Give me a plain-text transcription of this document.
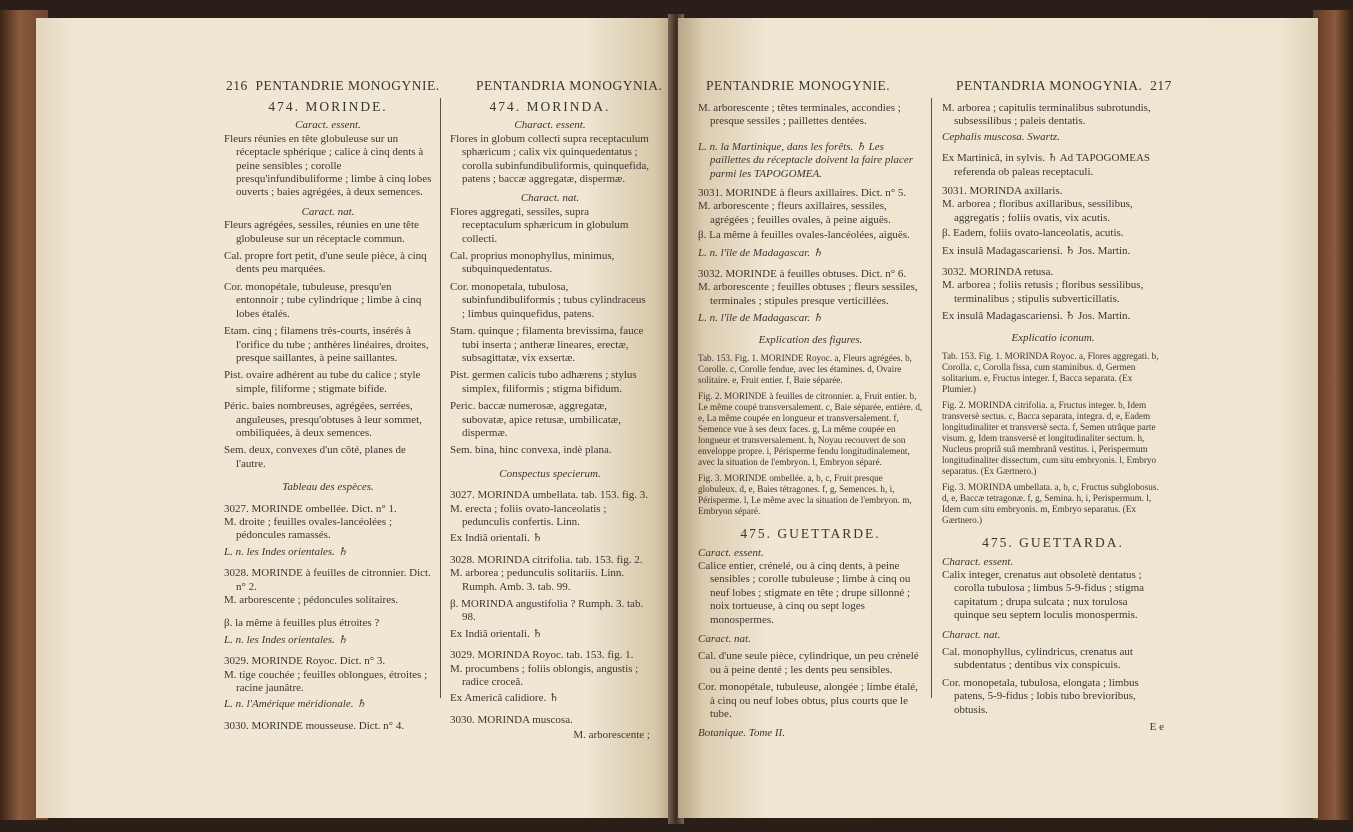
216 PENTANDRIE MONOGYNIE.	PENTANDRIA MONOGYNIA.

474. MORINDE.

Caract. essent.

Fleurs réunies en tête globuleuse sur un réceptacle sphérique ; calice à cinq dents à peine sensibles ; corolle presqu'infundibuliforme ; limbe à cinq lobes ouverts ; baies agrégées, à deux semences.

Caract. nat.

Fleurs agrégées, sessiles, réunies en une tête globuleuse sur un réceptacle commun.

Cal. propre fort petit, d'une seule pièce, à cinq dents peu marquées.

Cor. monopétale, tubuleuse, presqu'en entonnoir ; tube cylindrique ; limbe à cinq lobes étalés.

Etam. cinq ; filamens très-courts, insérés à l'orifice du tube ; anthères linéaires, droites, presque saillantes, à peine saillantes.

Pist. ovaire adhérent au tube du calice ; style simple, filiforme ; stigmate bifide.

Péric. baies nombreuses, agrégées, serrées, anguleuses, presqu'obtuses à leur sommet, ombiliquées, à deux semences.

Sem. deux, convexes d'un côté, planes de l'autre.

Tableau des espèces.

3027. MORINDE ombellée. Dict. n° 1.

M. droite ; feuilles ovales-lancéolées ; pédoncules ramassés.

L. n. les Indes orientales. ♄

3028. MORINDE à feuilles de citronnier. Dict. n° 2.

M. arborescente ; pédoncules solitaires.

β. la même à feuilles plus étroites ?

L. n. les Indes orientales. ♄

3029. MORINDE Royoc. Dict. n° 3.

M. tige couchée ; feuilles oblongues, étroites ; racine jaunâtre.

L. n. l'Amérique méridionale. ♄

3030. MORINDE mousseuse. Dict. n° 4.

474. MORINDA.

Charact. essent.

Flores in globum collecti supra receptaculum sphæricum ; calix vix quinquedentatus ; corolla subinfundibuliformis, quinquefida, patens ; baccæ aggregatæ, dispermæ.

Charact. nat.

Flores aggregati, sessiles, supra receptaculum sphæricum in globulum collecti.

Cal. proprius monophyllus, minimus, subquinquedentatus.

Cor. monopetala, tubulosa, subinfundibuliformis ; tubus cylindraceus ; limbus quinquefidus, patens.

Stam. quinque ; filamenta brevissima, fauce tubi inserta ; antheræ lineares, erectæ, subsagittatæ, vix exsertæ.

Pist. germen calicis tubo adhærens ; stylus simplex, filiformis ; stigma bifidum.

Peric. baccæ numerosæ, aggregatæ, subovatæ, apice retusæ, umbilicatæ, dispermæ.

Sem. bina, hinc convexa, indè plana.

Conspectus specierum.

3027. MORINDA umbellata. tab. 153. fig. 3.

M. erecta ; foliis ovato-lanceolatis ; pedunculis confertis. Linn.

Ex Indiâ orientali. ♄

3028. MORINDA citrifolia. tab. 153. fig. 2.

M. arborea ; pedunculis solitariis. Linn. Rumph. Amb. 3. tab. 99.

β. MORINDA angustifolia ? Rumph. 3. tab. 98.

Ex Indiâ orientali. ♄

3029. MORINDA Royoc. tab. 153. fig. 1.

M. procumbens ; foliis oblongis, angustis ; radice croceâ.

Ex Americâ calidiore. ♄

3030. MORINDA muscosa.

M. arborescente ;

PENTANDRIE MONOGYNIE.	PENTANDRIA MONOGYNIA. 217

M. arborescente ; têtes terminales, accondies ; presque sessiles ; paillettes dentées.

L. n. la Martinique, dans les forêts. ♄ Les paillettes du réceptacle doivent la faire placer parmi les TAPOGOMEA.

3031. MORINDE à fleurs axillaires. Dict. n° 5.

M. arborescente ; fleurs axillaires, sessiles, agrégées ; feuilles ovales, à peine aiguës.

β. La même à feuilles ovales-lancéolées, aiguës.

L. n. l'île de Madagascar. ♄

3032. MORINDE à feuilles obtuses. Dict. n° 6.

M. arborescente ; feuilles obtuses ; fleurs sessiles, terminales ; stipules presque verticillées.

L. n. l'île de Madagascar. ♄

Explication des figures.

Tab. 153. Fig. 1. MORINDE Royoc. a, Fleurs agrégées. b, Corolle. c, Corolle fendue, avec les étamines. d, Ovaire solitaire. e, Fruit entier. f, Baie séparée.

Fig. 2. MORINDE à feuilles de citronnier. a, Fruit entier. b, Le même coupé transversalement. c, Baie séparée, entière. d, e, La même coupée en longueur et transversalement. f, Semence vue à ses deux faces. g, La même coupée en longueur et transversalement. h, Noyau recouvert de son enveloppe propre. i, Périsperme fendu longitudinalement, avec la situation de l'embryon. l, Embryon séparé.

Fig. 3. MORINDE ombellée. a, b, c, Fruit presque globuleux. d, e, Baies tétragones. f, g, Semences. h, i, Périsperme. l, Le même avec la situation de l'embryon. m, Embryon séparé.

475. GUETTARDE.

Caract. essent.

Calice entier, crénelé, ou à cinq dents, à peine sensibles ; corolle tubuleuse ; limbe à cinq ou neuf lobes ; stigmate en tête ; drupe sillonné ; noix tortueuse, à cinq ou sept loges monospermes.

Caract. nat.

Cal. d'une seule pièce, cylindrique, un peu crénelé ou à peine denté ; les dents peu sensibles.

Cor. monopétale, tubuleuse, alongée ; limbe étalé, à cinq ou neuf lobes obtus, plus courts que le tube.

Botanique. Tome II.

M. arborea ; capitulis terminalibus subrotundis, subsessilibus ; paleis dentatis.

Cephalis muscosa. Swartz.

Ex Martinicâ, in sylvis. ♄ Ad TAPOGOMEAS referenda ob paleas receptaculi.

3031. MORINDA axillaris.

M. arborea ; floribus axillaribus, sessilibus, aggregatis ; foliis ovatis, vix acutis.

β. Eadem, foliis ovato-lanceolatis, acutis.

Ex insulâ Madagascariensi. ♄ Jos. Martin.

3032. MORINDA retusa.

M. arborea ; foliis retusis ; floribus sessilibus, terminalibus ; stipulis subverticillatis.

Ex insulâ Madagascariensi. ♄ Jos. Martin.

Explicatio iconum.

Tab. 153. Fig. 1. MORINDA Royoc. a, Flores aggregati. b, Corolla. c, Corolla fissa, cum staminibus. d, Germen solitarium. e, Fructus integer. f, Bacca separata. (Ex Plumier.)

Fig. 2. MORINDA citrifolia. a, Fructus integer. b, Idem transversè sectus. c, Bacca separata, integra. d, e, Eadem longitudinaliter et transversè secta. f, Semen utrâque parte visum. g, Idem transversè et longitudinaliter sectum. h, Nucleus propriâ suâ membranâ vestitus. i, Perispermum longitudinaliter dissectum, cum situ embryonis. l, Embryo separatus. (Ex Gærtnero.)

Fig. 3. MORINDA umbellata. a, b, c, Fructus subglobosus. d, e, Baccæ tetragonæ. f, g, Semina. h, i, Perispermum. l, Idem cum situ embryonis. m, Embryo separatus. (Ex Gærtnero.)

475. GUETTARDA.

Charact. essent.

Calix integer, crenatus aut obsoletè dentatus ; corolla tubulosa ; limbus 5-9-fidus ; stigma capitatum ; drupa sulcata ; nux torulosa quinque seu septem loculis monospermis.

Charact. nat.

Cal. monophyllus, cylindricus, crenatus aut subdentatus ; dentibus vix conspicuis.

Cor. monopetala, tubulosa, elongata ; limbus patens, 5-9-fidus ; lobis tubo brevioribus, obtusis.

E e
